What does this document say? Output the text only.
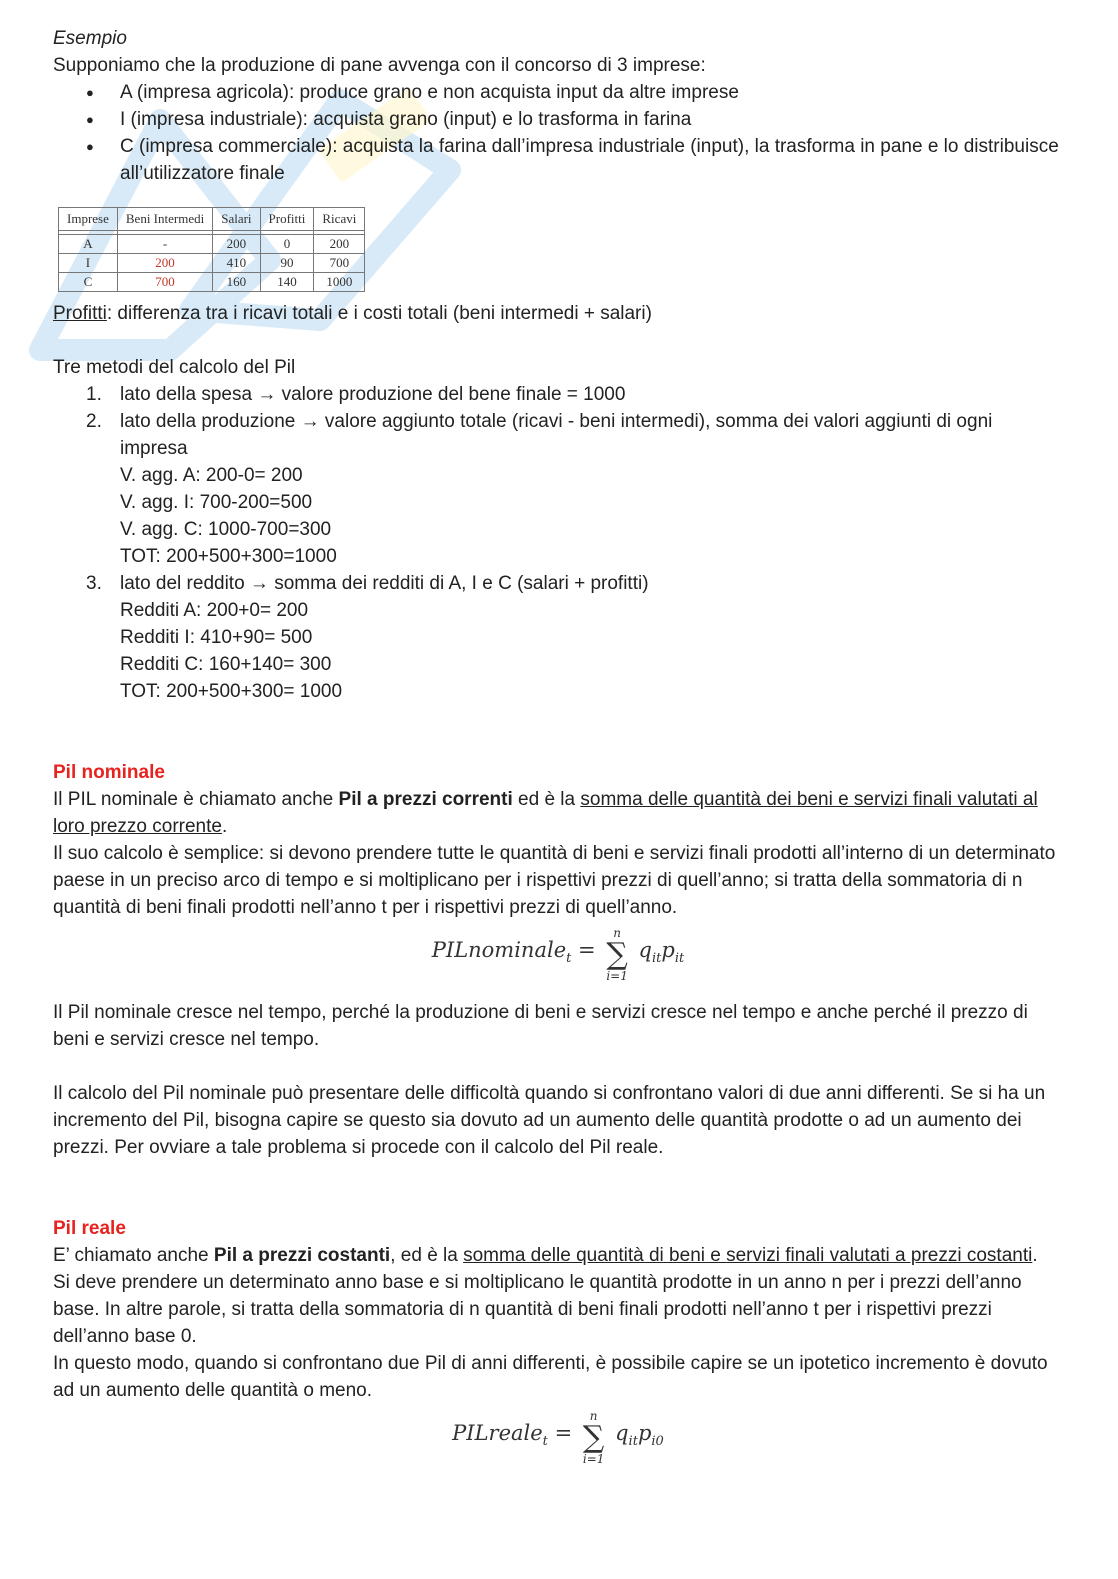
Esempio

Supponiamo che la produzione di pane avvenga con il concorso di 3 imprese:

● A (impresa agricola): produce grano e non acquista input da altre imprese
● I (impresa industriale): acquista grano (input) e lo trasforma in farina
● C (impresa commerciale): acquista la farina dall’impresa industriale (input), la trasforma in pane e lo distribuisce all’utilizzatore finale
Imprese	Beni Intermedi	Salari	Profitti	Ricavi

A	-	200	0	200
I	200	410	90	700
C	700	160	140	1000

Profitti: differenza tra i ricavi totali e i costi totali (beni intermedi + salari)

Tre metodi del calcolo del Pil

1. lato della spesa → valore produzione del bene finale = 1000
2. lato della produzione → valore aggiunto totale (ricavi - beni intermedi), somma dei valori aggiunti di ogni impresa
V. agg. A: 200-0= 200
V. agg. I: 700-200=500
V. agg. C: 1000-700=300
TOT: 200+500+300=1000
3. lato del reddito → somma dei redditi di A, I e C (salari + profitti)
Redditi A: 200+0= 200
Redditi I: 410+90= 500
Redditi C: 160+140= 300
TOT: 200+500+300= 1000

Pil nominale

Il PIL nominale è chiamato anche Pil a prezzi correnti ed è la somma delle quantità dei beni e servizi finali valutati al loro prezzo corrente.

Il suo calcolo è semplice: si devono prendere tutte le quantità di beni e servizi finali prodotti all’interno di un determinato paese in un preciso arco di tempo e si moltiplicano per i rispettivi prezzi di quell’anno; si tratta della sommatoria di n quantità di beni finali prodotti nell’anno t per i rispettivi prezzi di quell’anno.

PILnominale$_t$ =
n
∑
i=1
$q_{it}p_{it}$

Il Pil nominale cresce nel tempo, perché la produzione di beni e servizi cresce nel tempo e anche perché il prezzo di beni e servizi cresce nel tempo.

Il calcolo del Pil nominale può presentare delle difficoltà quando si confrontano valori di due anni differenti. Se si ha un incremento del Pil, bisogna capire se questo sia dovuto ad un aumento delle quantità prodotte o ad un aumento dei prezzi. Per ovviare a tale problema si procede con il calcolo del Pil reale.

Pil reale

E’ chiamato anche Pil a prezzi costanti, ed è la somma delle quantità di beni e servizi finali valutati a prezzi costanti.

Si deve prendere un determinato anno base e si moltiplicano le quantità prodotte in un anno n per i prezzi dell’anno base. In altre parole, si tratta della sommatoria di n quantità di beni finali prodotti nell’anno t per i rispettivi prezzi dell’anno base 0.

In questo modo, quando si confrontano due Pil di anni differenti, è possibile capire se un ipotetico incremento è dovuto ad un aumento delle quantità o meno.

PILreale$_t$ =
n
∑
i=1
$q_{it}p_{i0}$
